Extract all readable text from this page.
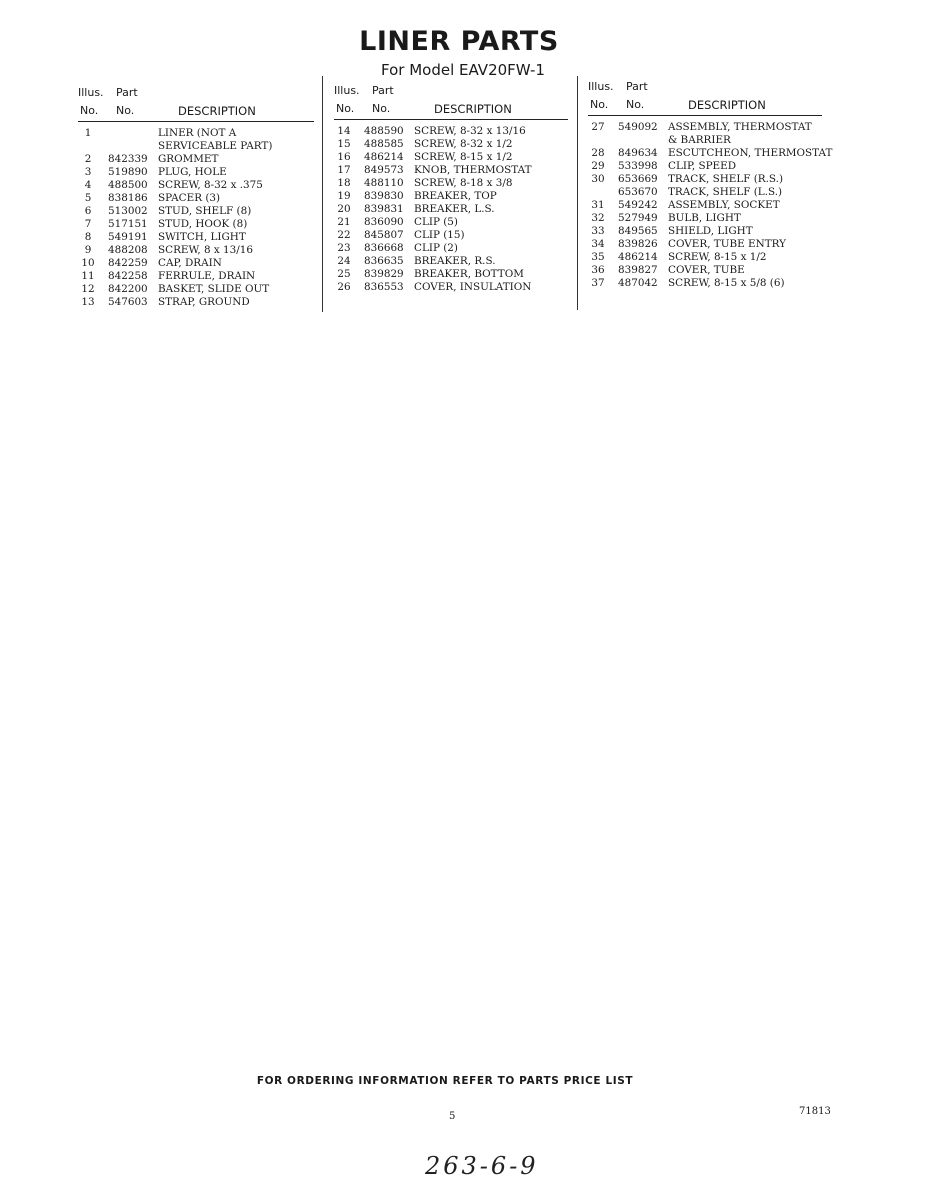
LINER PARTS
For Model EAV20FW-1
Illus. Part
No. No.	DESCRIPTION
1	LINER (NOT A
SERVICEABLE PART)
2	842339 GROMMET
3	519890 PLUG, HOLE
4	488500 SCREW, 8-32 x .375
5	838186 SPACER (3)
6	513002 STUD, SHELF (8)
7	517151 STUD, HOOK (8)
8	549191 SWITCH, LIGHT
9	488208 SCREW, 8 x 13/16
10	842259 CAP, DRAIN
11	842258 FERRULE, DRAIN
12	842200 BASKET, SLIDE OUT
13	547603 STRAP, GROUND
Illus. Part
No. No.	DESCRIPTION
14	488590 SCREW, 8-32 x 13/16
15	488585 SCREW, 8-32 x 1/2
16	486214 SCREW, 8-15 x 1/2
17	849573 KNOB, THERMOSTAT
18	488110 SCREW, 8-18 x 3/8
19	839830 BREAKER, TOP
20	839831 BREAKER, L.S.
21	836090 CLIP (5)
22	845807 CLIP (15)
23	836668 CLIP (2)
24	836635 BREAKER, R.S.
25	839829 BREAKER, BOTTOM
26	836553 COVER, INSULATION
Illus. Part
No. No.	DESCRIPTION
27	549092 ASSEMBLY, THERMOSTAT
& BARRIER
28	849634 ESCUTCHEON, THERMOSTAT
29	533998 CLIP, SPEED
30	653669 TRACK, SHELF (R.S.)
653670 TRACK, SHELF (L.S.)
31	549242 ASSEMBLY, SOCKET
32	527949 BULB, LIGHT
33	849565 SHIELD, LIGHT
34	839826 COVER, TUBE ENTRY
35	486214 SCREW, 8-15 x 1/2
36	839827 COVER, TUBE
37	487042 SCREW, 8-15 x 5/8 (6)
FOR ORDERING INFORMATION REFER TO PARTS PRICE LIST
5	71813
263-6-9
